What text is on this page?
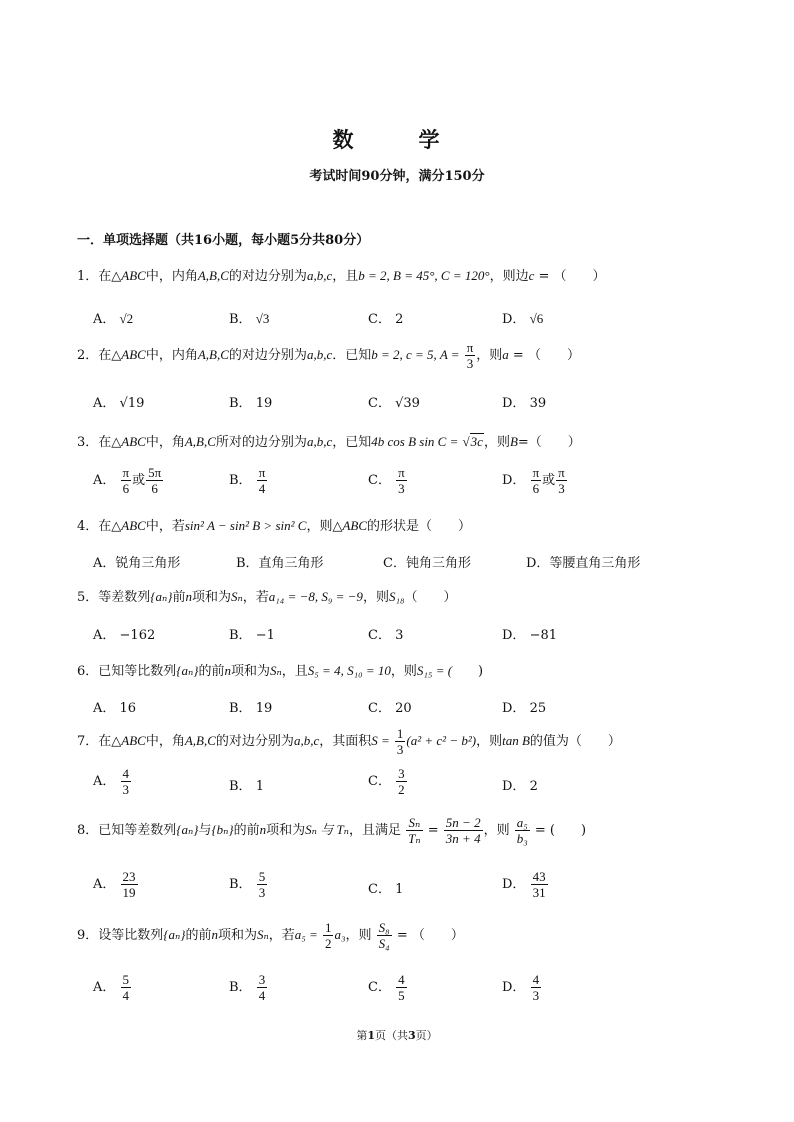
数　学
考试时间90分钟，满分150分
一．单项选择题（共16小题，每小题5分共80分）
1．在△ABC中，内角A,B,C的对边分别为a,b,c，且b = 2, B = 45°, C = 120°，则边c = （　　）
A． √2	B． √3	C． 2	D． √6
2．在△ABC中，内角A,B,C的对边分别为a,b,c．已知b = 2, c = 5, $A = \frac{\pi}{3}$ ，则a = （　　）
A． √19	B． 19	C． √39	D． 39
3．在△ABC中，角A,B,C所对的边分别为a,b,c，已知4b cos B sin C = √3c，则B=（　　）
A． $\frac{\pi}{6}$ 或 $\frac{5\pi}{6}$	B． $\frac{\pi}{4}$	C． $\frac{\pi}{3}$	D． $\frac{\pi}{6}$ 或 $\frac{\pi}{3}$
4．在△ABC中，若sin² A − sin² B > sin² C，则△ABC的形状是（　　）
A．锐角三角形	B．直角三角形	C．钝角三角形	D．等腰直角三角形
5．等差数列{aₙ}前n项和为Sₙ，若a₁₄ = −8, S₉ = −9，则S₁₈（　　）
A． −162	B． −1	C． 3	D． −81
6．已知等比数列{aₙ}的前n项和为Sₙ，且S₅ = 4, S₁₀ = 10，则S₁₅ = (　　)
A． 16	B． 19	C． 20	D． 25
7．在△ABC中，角A,B,C的对边分别为a,b,c，其面积$S = \frac{1}{3} (a^2 + c^2 - b^2)$，则tan B的值为（　　）
A． $\frac{4}{3}$	B． 1	C． $\frac{3}{2}$	D． 2
8．已知等差数列{aₙ}与{bₙ}的前n项和为Sₙ 与 Tₙ，且满足 $\frac{\text{Sₙ}}{\text{Tₙ}} = \frac{5n - 2}{3n + 4}$ ，则 $\frac{\text{a₅}}{\text{b₃}}$ = (　　)
A． $\frac{23}{19}$	B． $\frac{5}{3}$	C． 1	D． $\frac{43}{31}$
9．设等比数列{aₙ}的前n项和为Sₙ，若$a_5 = \frac{1}{2} a_3$，则 $\frac{\text{S₈}}{\text{S₄}}$ = （　　）
A． $\frac{5}{4}$	B． $\frac{3}{4}$	C． $\frac{4}{5}$	D． $\frac{4}{3}$
第1页（共3页）
